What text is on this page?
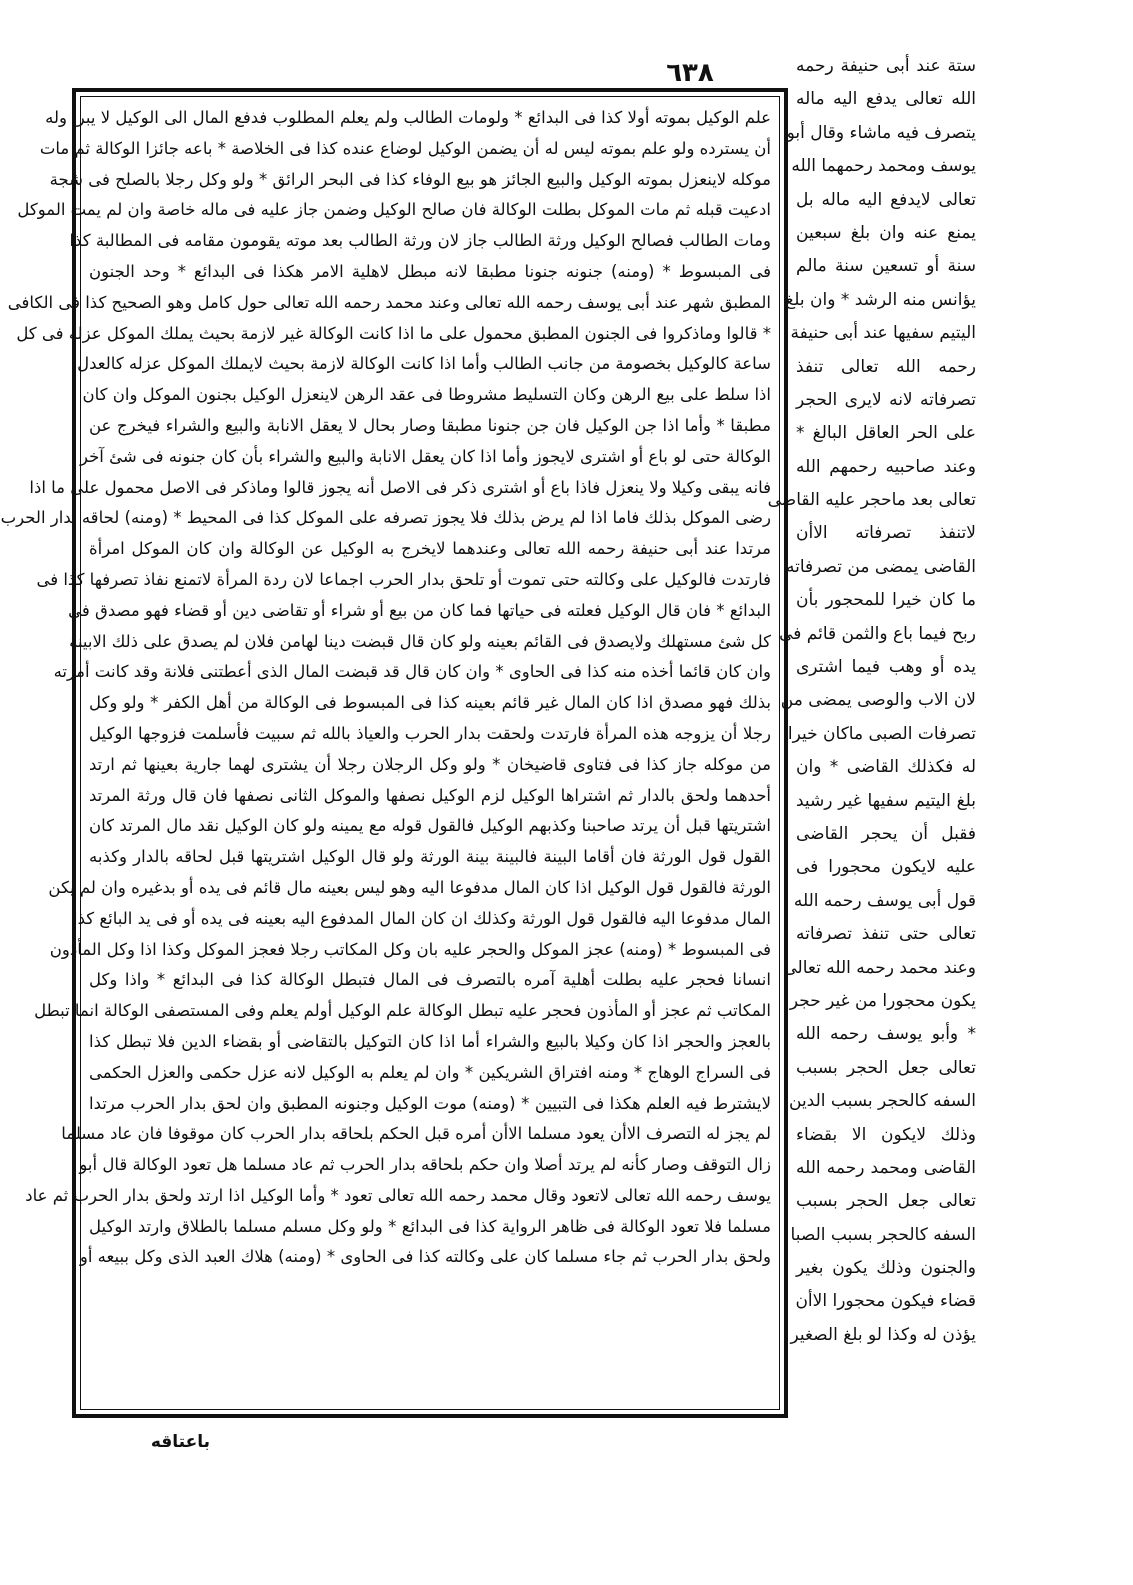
٦٣٨	ستة عند أبى حنيفة رحمه
الله تعالى يدفع اليه ماله
يتصرف فيه ماشاء وقال أبو
يوسف ومحمد رحمهما الله
تعالى لايدفع اليه ماله بل
يمنع عنه وان بلغ سبعين
سنة أو تسعين سنة مالم
يؤانس منه الرشد * وان بلغ
اليتيم سفيها عند أبى حنيفة
رحمه الله تعالى تنفذ
تصرفاته لانه لايرى الحجر
على الحر العاقل البالغ *
وعند صاحبيه رحمهم الله
تعالى بعد ماحجر عليه القاضى
لاتنفذ تصرفاته الاأن
القاضى يمضى من تصرفاته
ما كان خيرا للمحجور بأن
ربح فيما باع والثمن قائم فى
يده أو وهب فيما اشترى
لان الاب والوصى يمضى من
تصرفات الصبى ماكان خيرا
له فكذلك القاضى * وان
بلغ اليتيم سفيها غير رشيد
فقبل أن يحجر القاضى
عليه لايكون محجورا فى
قول أبى يوسف رحمه الله
تعالى حتى تنفذ تصرفاته
وعند محمد رحمه الله تعالى
يكون محجورا من غير حجر
* وأبو يوسف رحمه الله
تعالى جعل الحجر بسبب
السفه كالحجر بسبب الدين
وذلك لايكون الا بقضاء
القاضى ومحمد رحمه الله
تعالى جعل الحجر بسبب
السفه كالحجر بسبب الصبا
والجنون وذلك يكون بغير
قضاء فيكون محجورا الاأن
يؤذن له وكذا لو بلغ الصغير
علم الوكيل بموته أولا كذا فى البدائع * ولومات الطالب ولم يعلم المطلوب فدفع المال الى الوكيل لا يبرأ وله
أن يسترده ولو علم بموته ليس له أن يضمن الوكيل لوضاع عنده كذا فى الخلاصة * باعه جائزا الوكالة ثم مات
موكله لاينعزل بموته الوكيل والبيع الجائز هو بيع الوفاء كذا فى البحر الرائق * ولو وكل رجلا بالصلح فى شجة
ادعيت قبله ثم مات الموكل بطلت الوكالة فان صالح الوكيل وضمن جاز عليه فى ماله خاصة وان لم يمت الموكل
ومات الطالب فصالح الوكيل ورثة الطالب جاز لان ورثة الطالب بعد موته يقومون مقامه فى المطالبة كذا
فى المبسوط * (ومنه) جنونه جنونا مطبقا لانه مبطل لاهلية الامر هكذا فى البدائع * وحد الجنون
المطبق شهر عند أبى يوسف رحمه الله تعالى وعند محمد رحمه الله تعالى حول كامل وهو الصحيح كذا فى الكافى
* قالوا وماذكروا فى الجنون المطبق محمول على ما اذا كانت الوكالة غير لازمة بحيث يملك الموكل عزله فى كل
ساعة كالوكيل بخصومة من جانب الطالب وأما اذا كانت الوكالة لازمة بحيث لايملك الموكل عزله كالعدل
اذا سلط على بيع الرهن وكان التسليط مشروطا فى عقد الرهن لاينعزل الوكيل بجنون الموكل وان كان
مطبقا * وأما اذا جن الوكيل فان جن جنونا مطبقا وصار بحال لا يعقل الانابة والبيع والشراء فيخرج عن
الوكالة حتى لو باع أو اشترى لايجوز وأما اذا كان يعقل الانابة والبيع والشراء بأن كان جنونه فى شئ آخر
فانه يبقى وكيلا ولا ينعزل فاذا باع أو اشترى ذكر فى الاصل أنه يجوز قالوا وماذكر فى الاصل محمول على ما اذا
رضى الموكل بذلك فاما اذا لم يرض بذلك فلا يجوز تصرفه على الموكل كذا فى المحيط * (ومنه) لحاقه بدار الحرب
مرتدا عند أبى حنيفة رحمه الله تعالى وعندهما لايخرج به الوكيل عن الوكالة وان كان الموكل امرأة
فارتدت فالوكيل على وكالته حتى تموت أو تلحق بدار الحرب اجماعا لان ردة المرأة لاتمنع نفاذ تصرفها كذا فى
البدائع * فان قال الوكيل فعلته فى حياتها فما كان من بيع أو شراء أو تقاضى دين أو قضاء فهو مصدق فى
كل شئ مستهلك ولايصدق فى القائم بعينه ولو كان قال قبضت دينا لهامن فلان لم يصدق على ذلك الابينة
وان كان قائما أخذه منه كذا فى الحاوى * وان كان قال قد قبضت المال الذى أعطتنى فلانة وقد كانت أمرته
بذلك فهو مصدق اذا كان المال غير قائم بعينه كذا فى المبسوط فى الوكالة من أهل الكفر * ولو وكل
رجلا أن يزوجه هذه المرأة فارتدت ولحقت بدار الحرب والعياذ بالله ثم سبيت فأسلمت فزوجها الوكيل
من موكله جاز كذا فى فتاوى قاضيخان * ولو وكل الرجلان رجلا أن يشترى لهما جارية بعينها ثم ارتد
أحدهما ولحق بالدار ثم اشتراها الوكيل لزم الوكيل نصفها والموكل الثانى نصفها فان قال ورثة المرتد
اشتريتها قبل أن يرتد صاحبنا وكذبهم الوكيل فالقول قوله مع يمينه ولو كان الوكيل نقد مال المرتد كان
القول قول الورثة فان أقاما البينة فالبينة بينة الورثة ولو قال الوكيل اشتريتها قبل لحاقه بالدار وكذبه
الورثة فالقول قول الوكيل اذا كان المال مدفوعا اليه وهو ليس بعينه مال قائم فى يده أو بدغيره وان لم يكن
المال مدفوعا اليه فالقول قول الورثة وكذلك ان كان المال المدفوع اليه بعينه فى يده أو فى يد البائع كذا
فى المبسوط * (ومنه) عجز الموكل والحجر عليه بان وكل المكاتب رجلا فعجز الموكل وكذا اذا وكل المأذون
انسانا فحجر عليه بطلت أهلية آمره بالتصرف فى المال فتبطل الوكالة كذا فى البدائع * واذا وكل
المكاتب ثم عجز أو المأذون فحجر عليه تبطل الوكالة علم الوكيل أولم يعلم وفى المستصفى الوكالة انما تبطل
بالعجز والحجر اذا كان وكيلا بالبيع والشراء أما اذا كان التوكيل بالتقاضى أو بقضاء الدين فلا تبطل كذا
فى السراج الوهاج * ومنه افتراق الشريكين * وان لم يعلم به الوكيل لانه عزل حكمى والعزل الحكمى
لايشترط فيه العلم هكذا فى التبيين * (ومنه) موت الوكيل وجنونه المطبق وان لحق بدار الحرب مرتدا
لم يجز له التصرف الاأن يعود مسلما الاأن أمره قبل الحكم بلحاقه بدار الحرب كان موقوفا فان عاد مسلما
زال التوقف وصار كأنه لم يرتد أصلا وان حكم بلحاقه بدار الحرب ثم عاد مسلما هل تعود الوكالة قال أبو
يوسف رحمه الله تعالى لاتعود وقال محمد رحمه الله تعالى تعود * وأما الوكيل اذا ارتد ولحق بدار الحرب ثم عاد
مسلما فلا تعود الوكالة فى ظاهر الرواية كذا فى البدائع * ولو وكل مسلم مسلما بالطلاق وارتد الوكيل
ولحق بدار الحرب ثم جاء مسلما كان على وكالته كذا فى الحاوى * (ومنه) هلاك العبد الذى وكل ببيعه أو
باعتاقه
